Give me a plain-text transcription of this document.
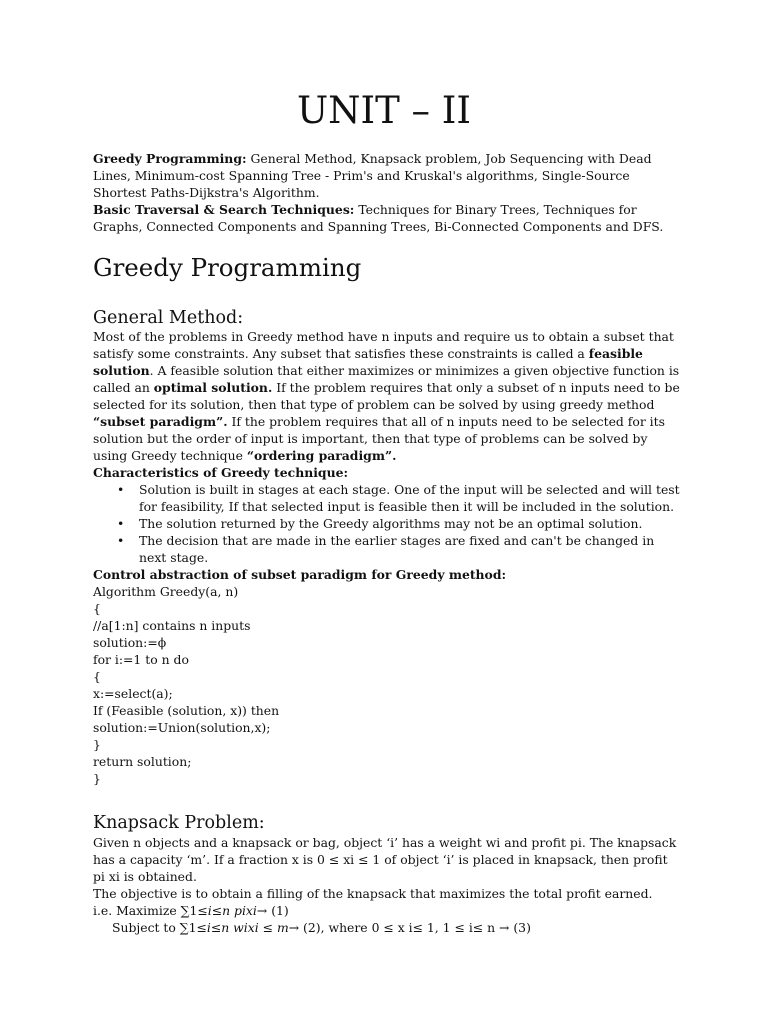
UNIT – II

Greedy Programming: General Method, Knapsack problem, Job Sequencing with Dead Lines, Minimum-cost Spanning Tree - Prim's and Kruskal's algorithms, Single-Source Shortest Paths-Dijkstra's Algorithm.

Basic Traversal & Search Techniques: Techniques for Binary Trees, Techniques for Graphs, Connected Components and Spanning Trees, Bi-Connected Components and DFS.

Greedy Programming
General Method:

Most of the problems in Greedy method have n inputs and require us to obtain a subset that satisfy some constraints. Any subset that satisfies these constraints is called a feasible solution. A feasible solution that either maximizes or minimizes a given objective function is called an optimal solution. If the problem requires that only a subset of n inputs need to be selected for its solution, then that type of problem can be solved by using greedy method “subset paradigm”. If the problem requires that all of n inputs need to be selected for its solution but the order of input is important, then that type of problems can be solved by using Greedy technique “ordering paradigm”.

Characteristics of Greedy technique:

• Solution is built in stages at each stage. One of the input will be selected and will test for feasibility, If that selected input is feasible then it will be included in the solution.
• The solution returned by the Greedy algorithms may not be an optimal solution.
• The decision that are made in the earlier stages are fixed and can't be changed in next stage.

Control abstraction of subset paradigm for Greedy method:

Algorithm Greedy(a, n)

{

//a[1:n] contains n inputs

solution:=ϕ

for i:=1 to n do

{

x:=select(a);

If (Feasible (solution, x)) then

solution:=Union(solution,x);

}

return solution;

}

Knapsack Problem:

Given n objects and a knapsack or bag, object ‘i’ has a weight wi and profit pi. The knapsack has a capacity ‘m’. If a fraction x is 0 ≤ xi ≤ 1 of object ‘i’ is placed in knapsack, then profit pi xi is obtained.

The objective is to obtain a filling of the knapsack that maximizes the total profit earned.

i.e. Maximize ∑1≤𝑖≤𝑛 𝑝𝑖𝑥𝑖→ (1)

Subject to ∑1≤𝑖≤𝑛 𝑤𝑖𝑥𝑖 ≤ 𝑚→ (2), where 0 ≤ x i≤ 1, 1 ≤ i≤ n → (3)
